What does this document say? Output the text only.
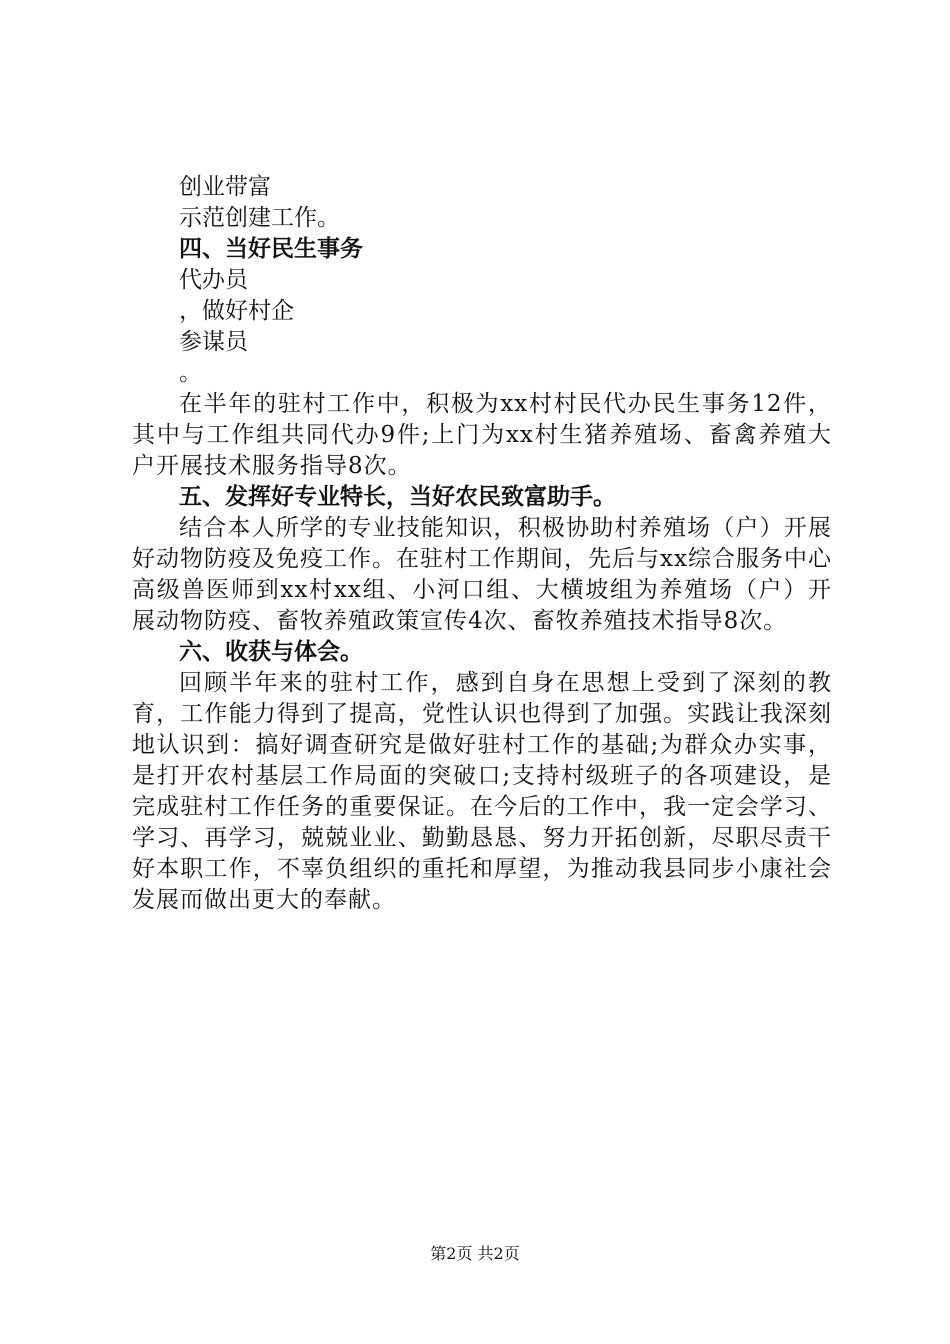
创业带富
示范创建工作。
四、当好民生事务
代办员
，做好村企
参谋员
。
在半年的驻村工作中，积极为xx村村民代办民生事务12件，其中与工作组共同代办9件;上门为xx村生猪养殖场、畜禽养殖大户开展技术服务指导8次。
五、发挥好专业特长，当好农民致富助手。
结合本人所学的专业技能知识，积极协助村养殖场（户）开展好动物防疫及免疫工作。在驻村工作期间，先后与xx综合服务中心高级兽医师到xx村xx组、小河口组、大横坡组为养殖场（户）开展动物防疫、畜牧养殖政策宣传4次、畜牧养殖技术指导8次。
六、收获与体会。
回顾半年来的驻村工作，感到自身在思想上受到了深刻的教育，工作能力得到了提高，党性认识也得到了加强。实践让我深刻地认识到：搞好调查研究是做好驻村工作的基础;为群众办实事，是打开农村基层工作局面的突破口;支持村级班子的各项建设，是完成驻村工作任务的重要保证。在今后的工作中，我一定会学习、学习、再学习，兢兢业业、勤勤恳恳、努力开拓创新，尽职尽责干好本职工作，不辜负组织的重托和厚望，为推动我县同步小康社会发展而做出更大的奉献。
第2页 共2页
